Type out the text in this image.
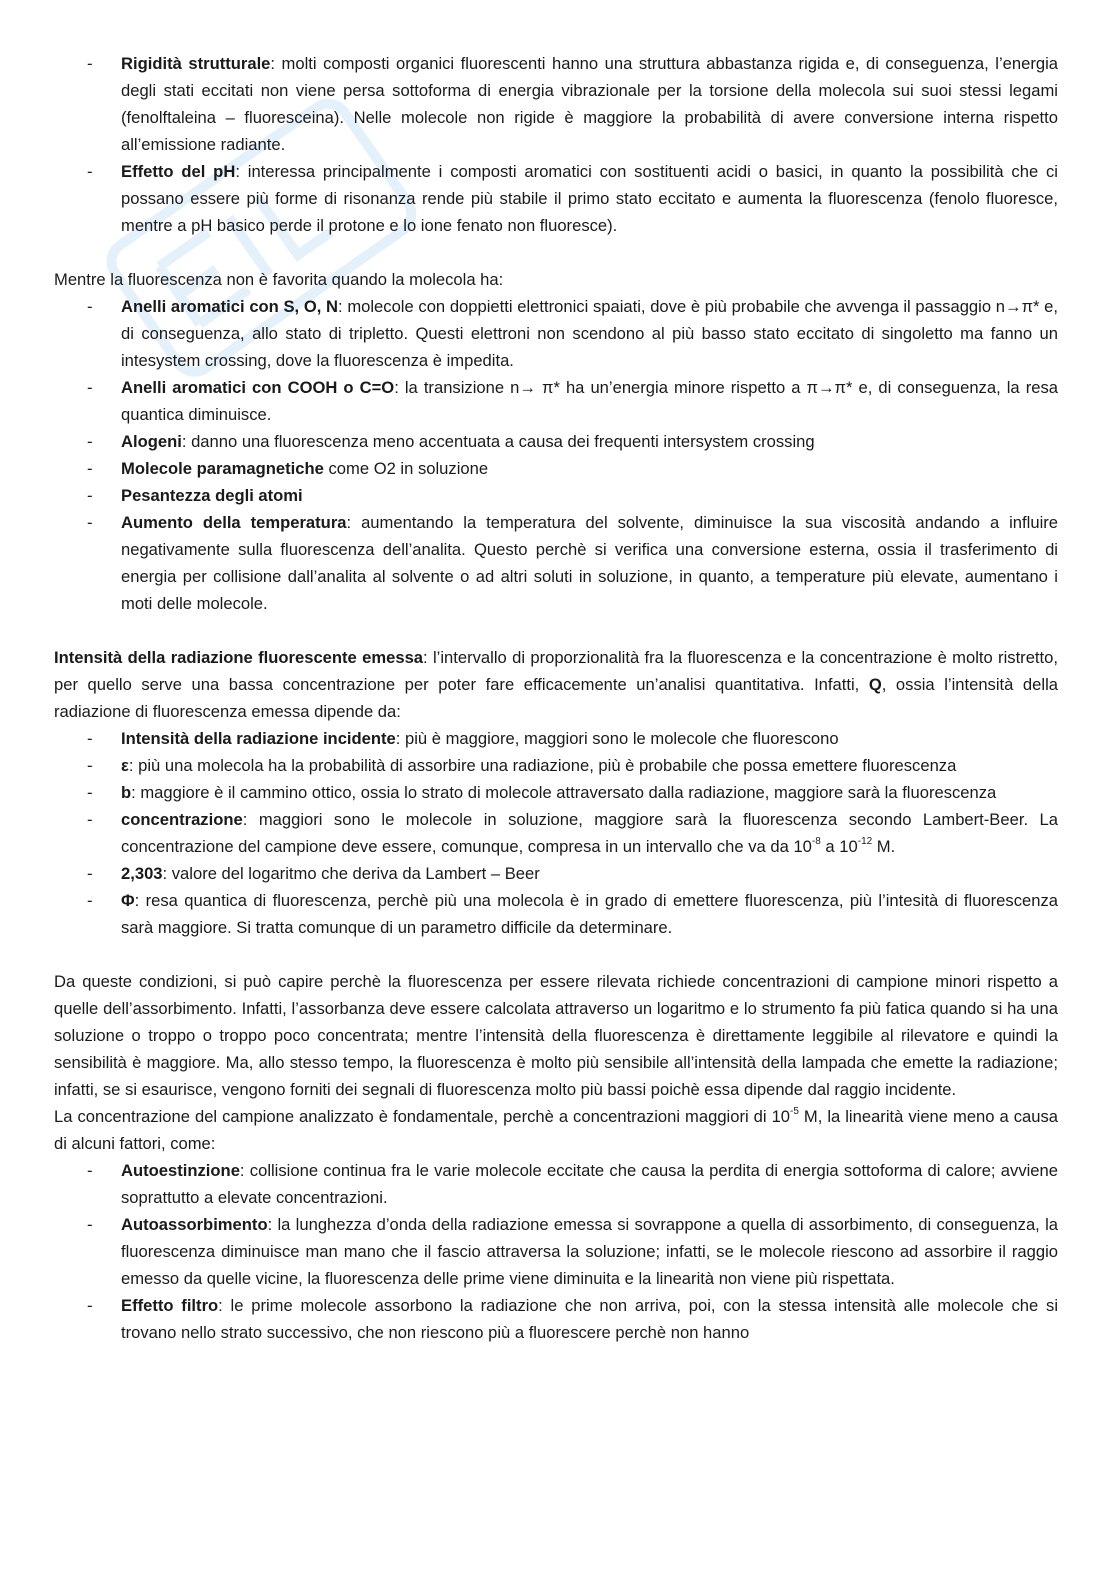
- Rigidità strutturale: molti composti organici fluorescenti hanno una struttura abbastanza rigida e, di conseguenza, l’energia degli stati eccitati non viene persa sottoforma di energia vibrazionale per la torsione della molecola sui suoi stessi legami (fenolftaleina – fluoresceina). Nelle molecole non rigide è maggiore la probabilità di avere conversione interna rispetto all’emissione radiante.
- Effetto del pH: interessa principalmente i composti aromatici con sostituenti acidi o basici, in quanto la possibilità che ci possano essere più forme di risonanza rende più stabile il primo stato eccitato e aumenta la fluorescenza (fenolo fluoresce, mentre a pH basico perde il protone e lo ione fenato non fluoresce).

Mentre la fluorescenza non è favorita quando la molecola ha:

- Anelli aromatici con S, O, N: molecole con doppietti elettronici spaiati, dove è più probabile che avvenga il passaggio n→π* e, di conseguenza, allo stato di tripletto. Questi elettroni non scendono al più basso stato eccitato di singoletto ma fanno un intesystem crossing, dove la fluorescenza è impedita.
- Anelli aromatici con COOH o C=O: la transizione n→ π* ha un’energia minore rispetto a π→π* e, di conseguenza, la resa quantica diminuisce.
- Alogeni: danno una fluorescenza meno accentuata a causa dei frequenti intersystem crossing
- Molecole paramagnetiche come O2 in soluzione
- Pesantezza degli atomi
- Aumento della temperatura: aumentando la temperatura del solvente, diminuisce la sua viscosità andando a influire negativamente sulla fluorescenza dell’analita. Questo perchè si verifica una conversione esterna, ossia il trasferimento di energia per collisione dall’analita al solvente o ad altri soluti in soluzione, in quanto, a temperature più elevate, aumentano i moti delle molecole.

Intensità della radiazione fluorescente emessa: l’intervallo di proporzionalità fra la fluorescenza e la concentrazione è molto ristretto, per quello serve una bassa concentrazione per poter fare efficacemente un’analisi quantitativa. Infatti, Q, ossia l’intensità della radiazione di fluorescenza emessa dipende da:

- Intensità della radiazione incidente: più è maggiore, maggiori sono le molecole che fluorescono
- ε: più una molecola ha la probabilità di assorbire una radiazione, più è probabile che possa emettere fluorescenza
- b: maggiore è il cammino ottico, ossia lo strato di molecole attraversato dalla radiazione, maggiore sarà la fluorescenza
- concentrazione: maggiori sono le molecole in soluzione, maggiore sarà la fluorescenza secondo Lambert-Beer. La concentrazione del campione deve essere, comunque, compresa in un intervallo che va da $10^{-8}$ a $10^{-12}$ M.
- 2,303: valore del logaritmo che deriva da Lambert – Beer
- Φ: resa quantica di fluorescenza, perchè più una molecola è in grado di emettere fluorescenza, più l’intesità di fluorescenza sarà maggiore. Si tratta comunque di un parametro difficile da determinare.

Da queste condizioni, si può capire perchè la fluorescenza per essere rilevata richiede concentrazioni di campione minori rispetto a quelle dell’assorbimento. Infatti, l’assorbanza deve essere calcolata attraverso un logaritmo e lo strumento fa più fatica quando si ha una soluzione o troppo o troppo poco concentrata; mentre l’intensità della fluorescenza è direttamente leggibile al rilevatore e quindi la sensibilità è maggiore. Ma, allo stesso tempo, la fluorescenza è molto più sensibile all’intensità della lampada che emette la radiazione; infatti, se si esaurisce, vengono forniti dei segnali di fluorescenza molto più bassi poichè essa dipende dal raggio incidente.

La concentrazione del campione analizzato è fondamentale, perchè a concentrazioni maggiori di $10^{-5}$ M, la linearità viene meno a causa di alcuni fattori, come:

- Autoestinzione: collisione continua fra le varie molecole eccitate che causa la perdita di energia sottoforma di calore; avviene soprattutto a elevate concentrazioni.
- Autoassorbimento: la lunghezza d’onda della radiazione emessa si sovrappone a quella di assorbimento, di conseguenza, la fluorescenza diminuisce man mano che il fascio attraversa la soluzione; infatti, se le molecole riescono ad assorbire il raggio emesso da quelle vicine, la fluorescenza delle prime viene diminuita e la linearità non viene più rispettata.
- Effetto filtro: le prime molecole assorbono la radiazione che non arriva, poi, con la stessa intensità alle molecole che si trovano nello strato successivo, che non riescono più a fluorescere perchè non hanno
